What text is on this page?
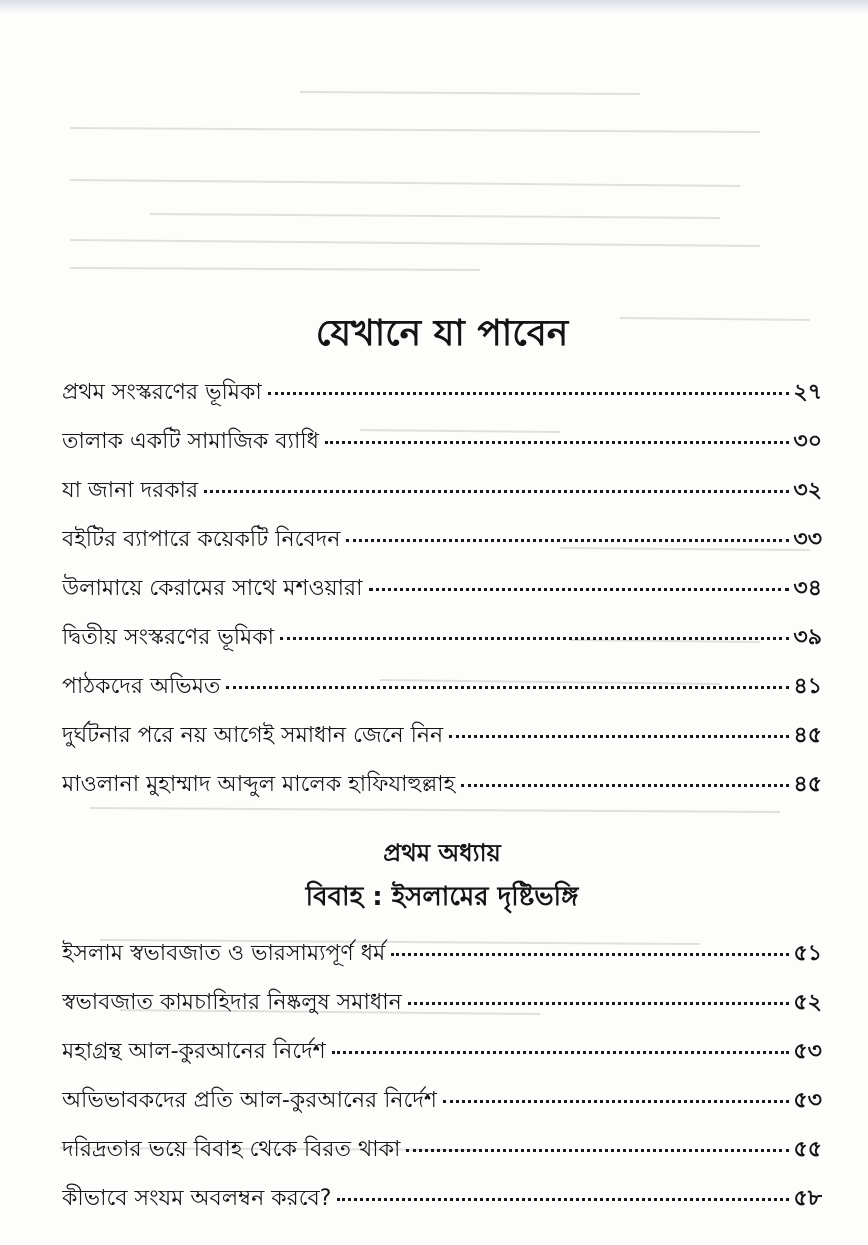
যেখানে যা পাবেন
প্রথম সংস্করণের ভূমিকা	২৭
তালাক একটি সামাজিক ব্যাধি	৩০
যা জানা দরকার	৩২
বইটির ব্যাপারে কয়েকটি নিবেদন	৩৩
উলামায়ে কেরামের সাথে মশওয়ারা	৩৪
দ্বিতীয় সংস্করণের ভূমিকা	৩৯
পাঠকদের অভিমত	৪১
দুর্ঘটনার পরে নয় আগেই সমাধান জেনে নিন	৪৫
মাওলানা মুহাম্মাদ আব্দুল মালেক হাফিযাহুল্লাহ	৪৫
প্রথম অধ্যায়
বিবাহ : ইসলামের দৃষ্টিভঙ্গি
ইসলাম স্বভাবজাত ও ভারসাম্যপূর্ণ ধর্ম	৫১
স্বভাবজাত কামচাহিদার নিষ্কলুষ সমাধান	৫২
মহাগ্রন্থ আল-কুরআনের নির্দেশ	৫৩
অভিভাবকদের প্রতি আল-কুরআনের নির্দেশ	৫৩
দরিদ্রতার ভয়ে বিবাহ থেকে বিরত থাকা	৫৫
কীভাবে সংযম অবলম্বন করবে?	৫৮
